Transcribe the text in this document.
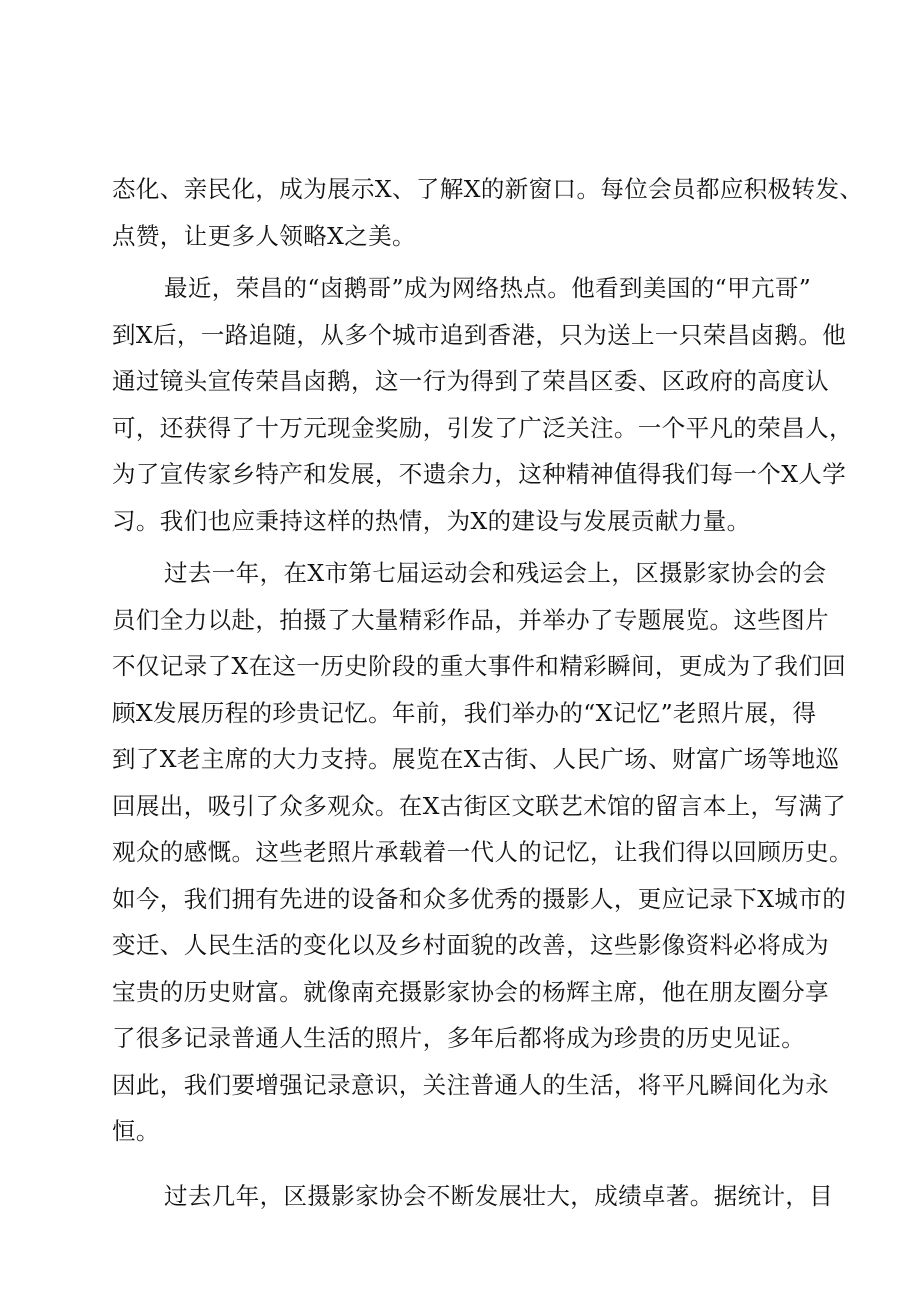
态化、亲民化，成为展示X、了解X的新窗口。每位会员都应积极转发、
点赞，让更多人领略X之美。
最近，荣昌的“卤鹅哥”成为网络热点。他看到美国的“甲亢哥”
到X后，一路追随，从多个城市追到香港，只为送上一只荣昌卤鹅。他
通过镜头宣传荣昌卤鹅，这一行为得到了荣昌区委、区政府的高度认
可，还获得了十万元现金奖励，引发了广泛关注。一个平凡的荣昌人，
为了宣传家乡特产和发展，不遗余力，这种精神值得我们每一个X人学
习。我们也应秉持这样的热情，为X的建设与发展贡献力量。
过去一年，在X市第七届运动会和残运会上，区摄影家协会的会
员们全力以赴，拍摄了大量精彩作品，并举办了专题展览。这些图片
不仅记录了X在这一历史阶段的重大事件和精彩瞬间，更成为了我们回
顾X发展历程的珍贵记忆。年前，我们举办的“X记忆”老照片展，得
到了X老主席的大力支持。展览在X古街、人民广场、财富广场等地巡
回展出，吸引了众多观众。在X古街区文联艺术馆的留言本上，写满了
观众的感慨。这些老照片承载着一代人的记忆，让我们得以回顾历史。
如今，我们拥有先进的设备和众多优秀的摄影人，更应记录下X城市的
变迁、人民生活的变化以及乡村面貌的改善，这些影像资料必将成为
宝贵的历史财富。就像南充摄影家协会的杨辉主席，他在朋友圈分享
了很多记录普通人生活的照片，多年后都将成为珍贵的历史见证。
因此，我们要增强记录意识，关注普通人的生活，将平凡瞬间化为永
恒。
过去几年，区摄影家协会不断发展壮大，成绩卓著。据统计，目
